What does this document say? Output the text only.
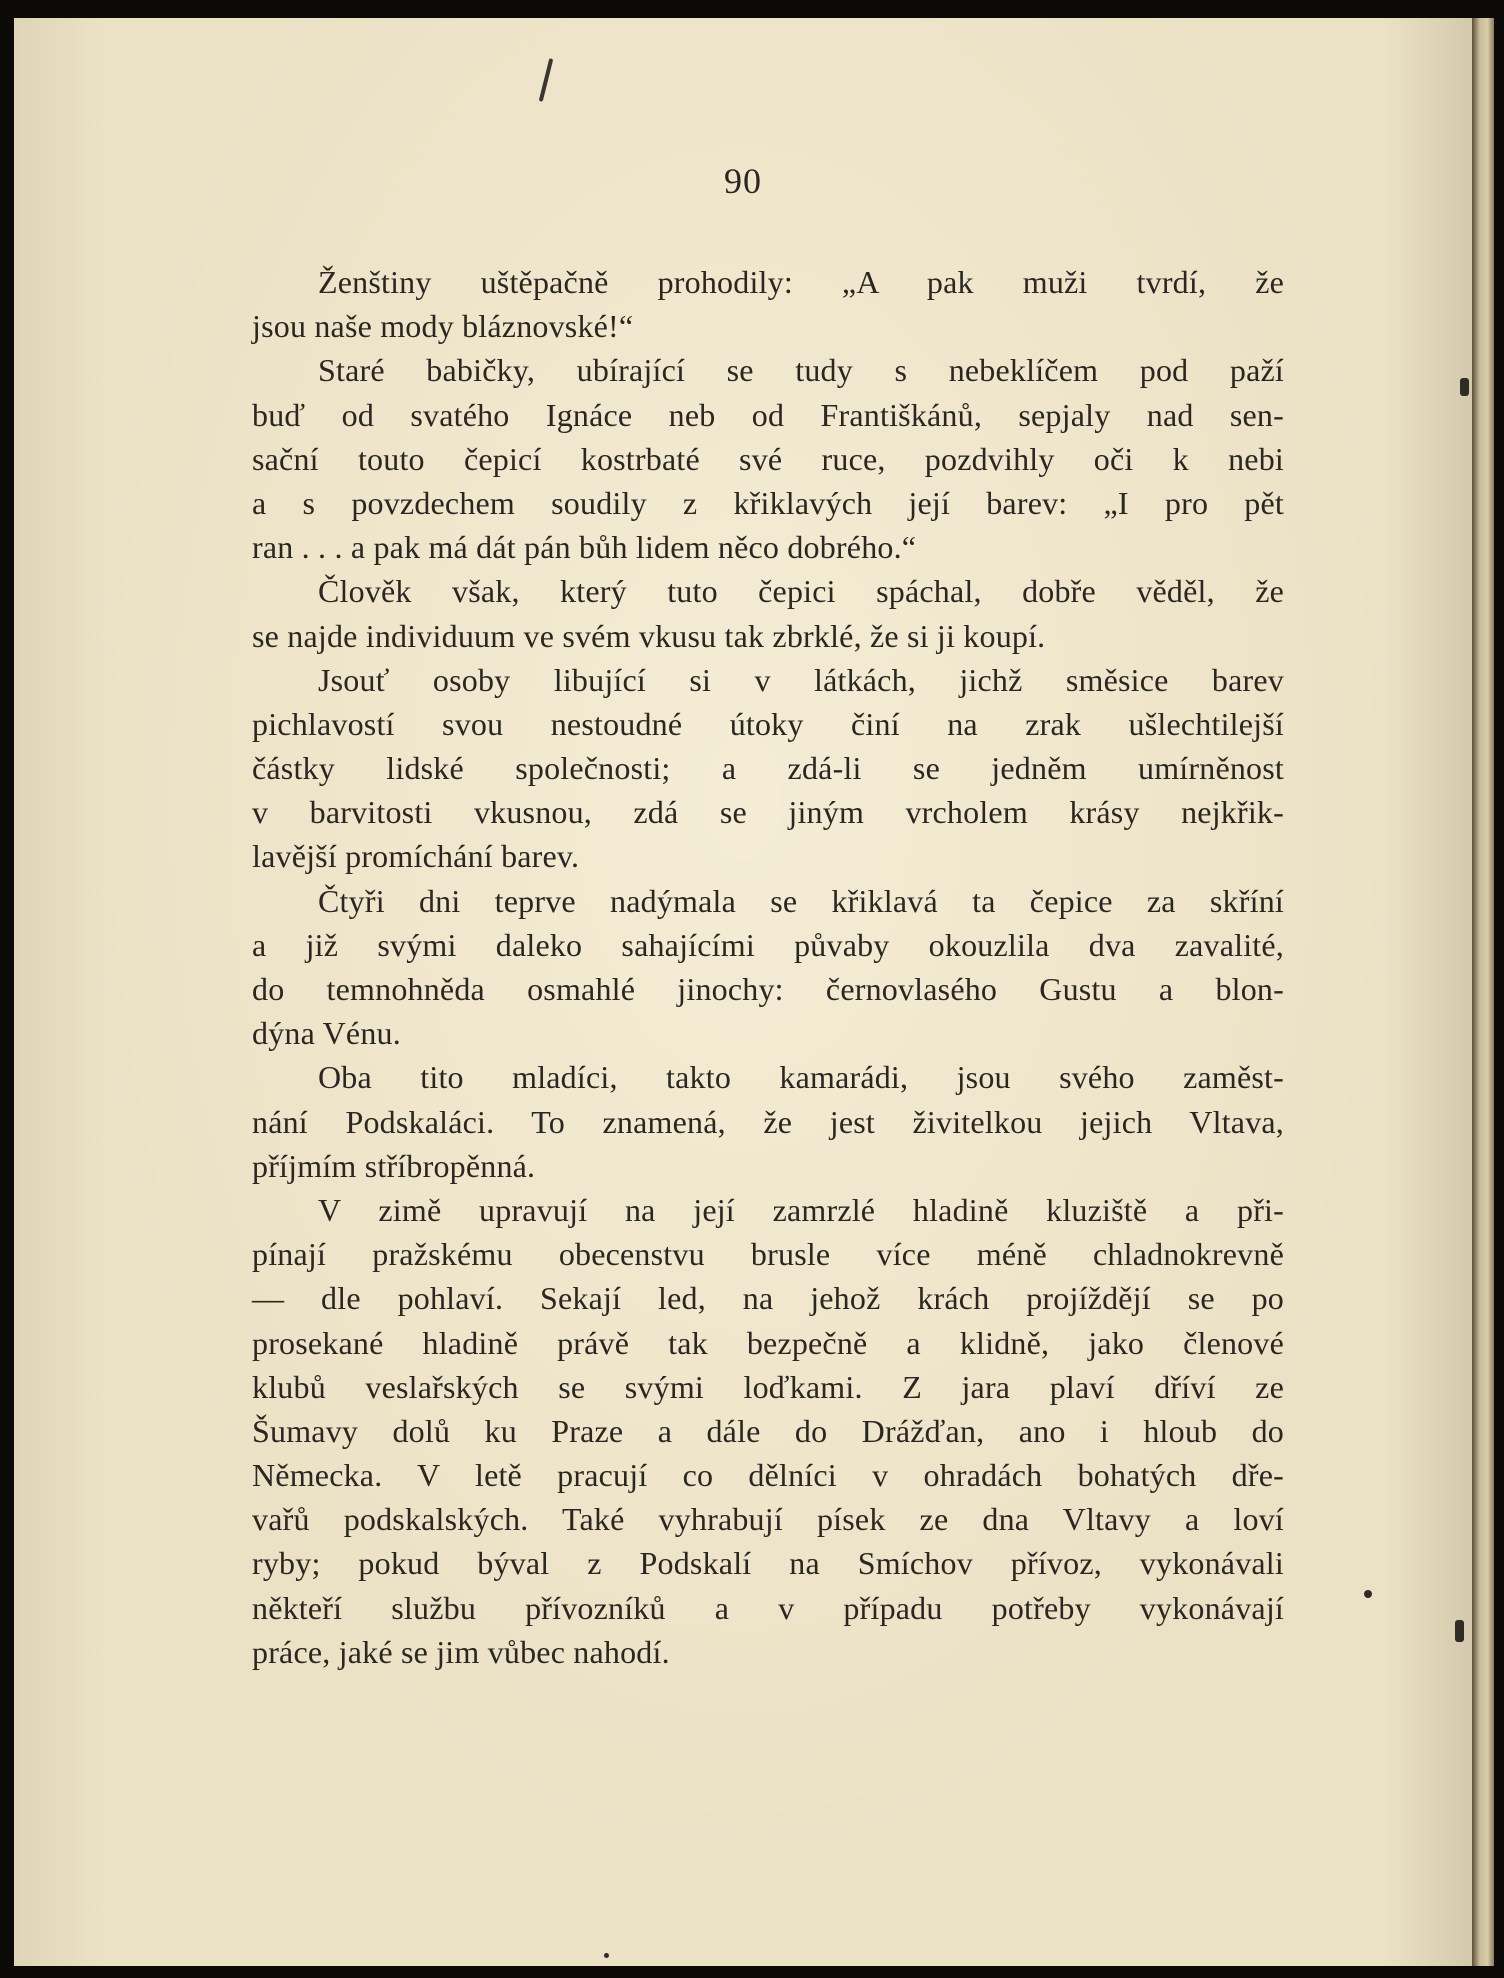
90
Ženštiny uštěpačně prohodily: „A pak muži tvrdí, že
jsou naše mody bláznovské!“
Staré babičky, ubírající se tudy s nebeklíčem pod paží
buď od svatého Ignáce neb od Františkánů, sepjaly nad sen-
sační touto čepicí kostrbaté své ruce, pozdvihly oči k nebi
a s povzdechem soudily z křiklavých její barev: „I pro pět
ran . . . a pak má dát pán bůh lidem něco dobrého.“
Člověk však, který tuto čepici spáchal, dobře věděl, že
se najde individuum ve svém vkusu tak zbrklé, že si ji koupí.
Jsouť osoby libující si v látkách, jichž směsice barev
pichlavostí svou nestoudné útoky činí na zrak ušlechtilejší
částky lidské společnosti; a zdá-li se jedněm umírněnost
v barvitosti vkusnou, zdá se jiným vrcholem krásy nejkřik-
lavější promíchání barev.
Čtyři dni teprve nadýmala se křiklavá ta čepice za skříní
a již svými daleko sahajícími půvaby okouzlila dva zavalité,
do temnohněda osmahlé jinochy: černovlasého Gustu a blon-
dýna Vénu.
Oba tito mladíci, takto kamarádi, jsou svého zaměst-
nání Podskaláci. To znamená, že jest živitelkou jejich Vltava,
příjmím stříbropěnná.
V zimě upravují na její zamrzlé hladině kluziště a při-
pínají pražskému obecenstvu brusle více méně chladnokrevně
— dle pohlaví. Sekají led, na jehož krách projíždějí se po
prosekané hladině právě tak bezpečně a klidně, jako členové
klubů veslařských se svými loďkami. Z jara plaví dříví ze
Šumavy dolů ku Praze a dále do Drážďan, ano i hloub do
Německa. V letě pracují co dělníci v ohradách bohatých dře-
vařů podskalských. Také vyhrabují písek ze dna Vltavy a loví
ryby; pokud býval z Podskalí na Smíchov přívoz, vykonávali
někteří službu přívozníků a v případu potřeby vykonávají
práce, jaké se jim vůbec nahodí.
